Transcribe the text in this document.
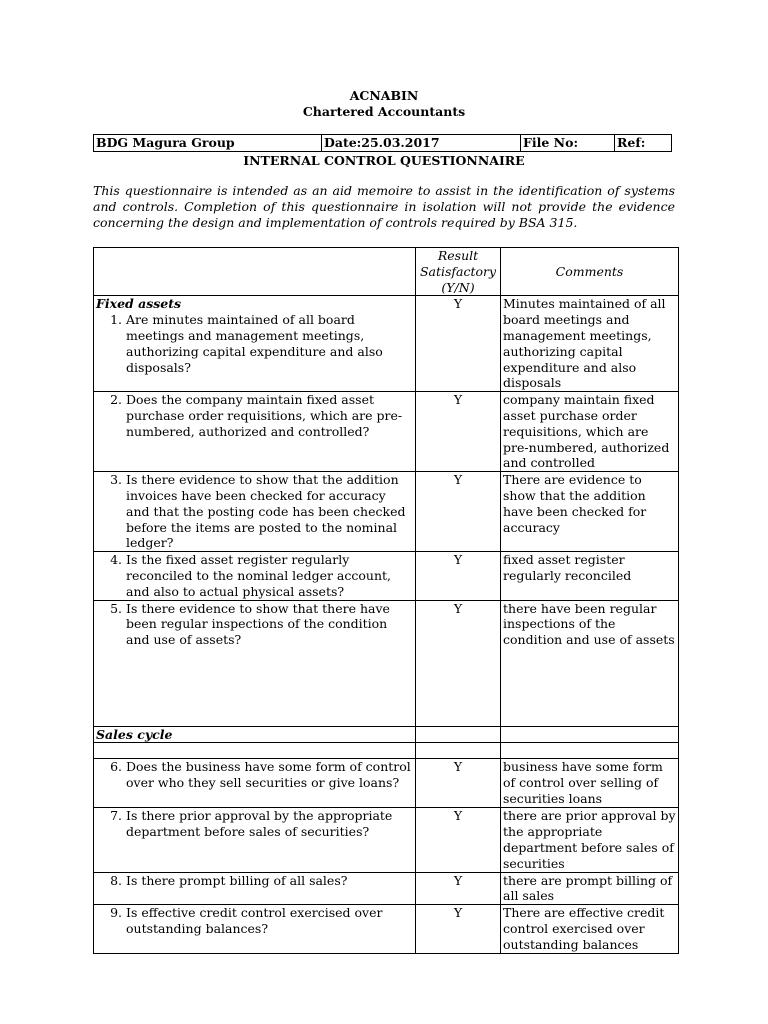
ACNABIN
Chartered Accountants
BDG Magura Group	Date:25.03.2017	File No:	Ref:
INTERNAL CONTROL QUESTIONNAIRE
This questionnaire is intended as an aid memoire to assist in the identification of systems and controls. Completion of this questionnaire in isolation will not provide the evidence concerning the design and implementation of controls required by BSA 315.
	Result Satisfactory (Y/N)	Comments

Fixed assets
1. Are minutes maintained of all board meetings and management meetings, authorizing capital expenditure and also disposals?	Y	Minutes maintained of all board meetings and management meetings, authorizing capital expenditure and also disposals

2. Does the company maintain fixed asset purchase order requisitions, which are pre-numbered, authorized and controlled?	Y	company maintain fixed asset purchase order requisitions, which are pre-numbered, authorized and controlled

3. Is there evidence to show that the addition invoices have been checked for accuracy and that the posting code has been checked before the items are posted to the nominal ledger?	Y	There are evidence to show that the addition have been checked for accuracy

4. Is the fixed asset register regularly reconciled to the nominal ledger account, and also to actual physical assets?	Y	fixed asset register regularly reconciled

5. Is there evidence to show that there have been regular inspections of the condition and use of assets?	Y	there have been regular inspections of the condition and use of assets
Sales cycle		

6. Does the business have some form of control over who they sell securities or give loans?	Y	business have some form of control over selling of securities loans

7. Is there prior approval by the appropriate department before sales of securities?	Y	there are prior approval by the appropriate department before sales of securities

8. Is there prompt billing of all sales?	Y	there are prompt billing of all sales

9. Is effective credit control exercised over outstanding balances?	Y	There are effective credit control exercised over outstanding balances
